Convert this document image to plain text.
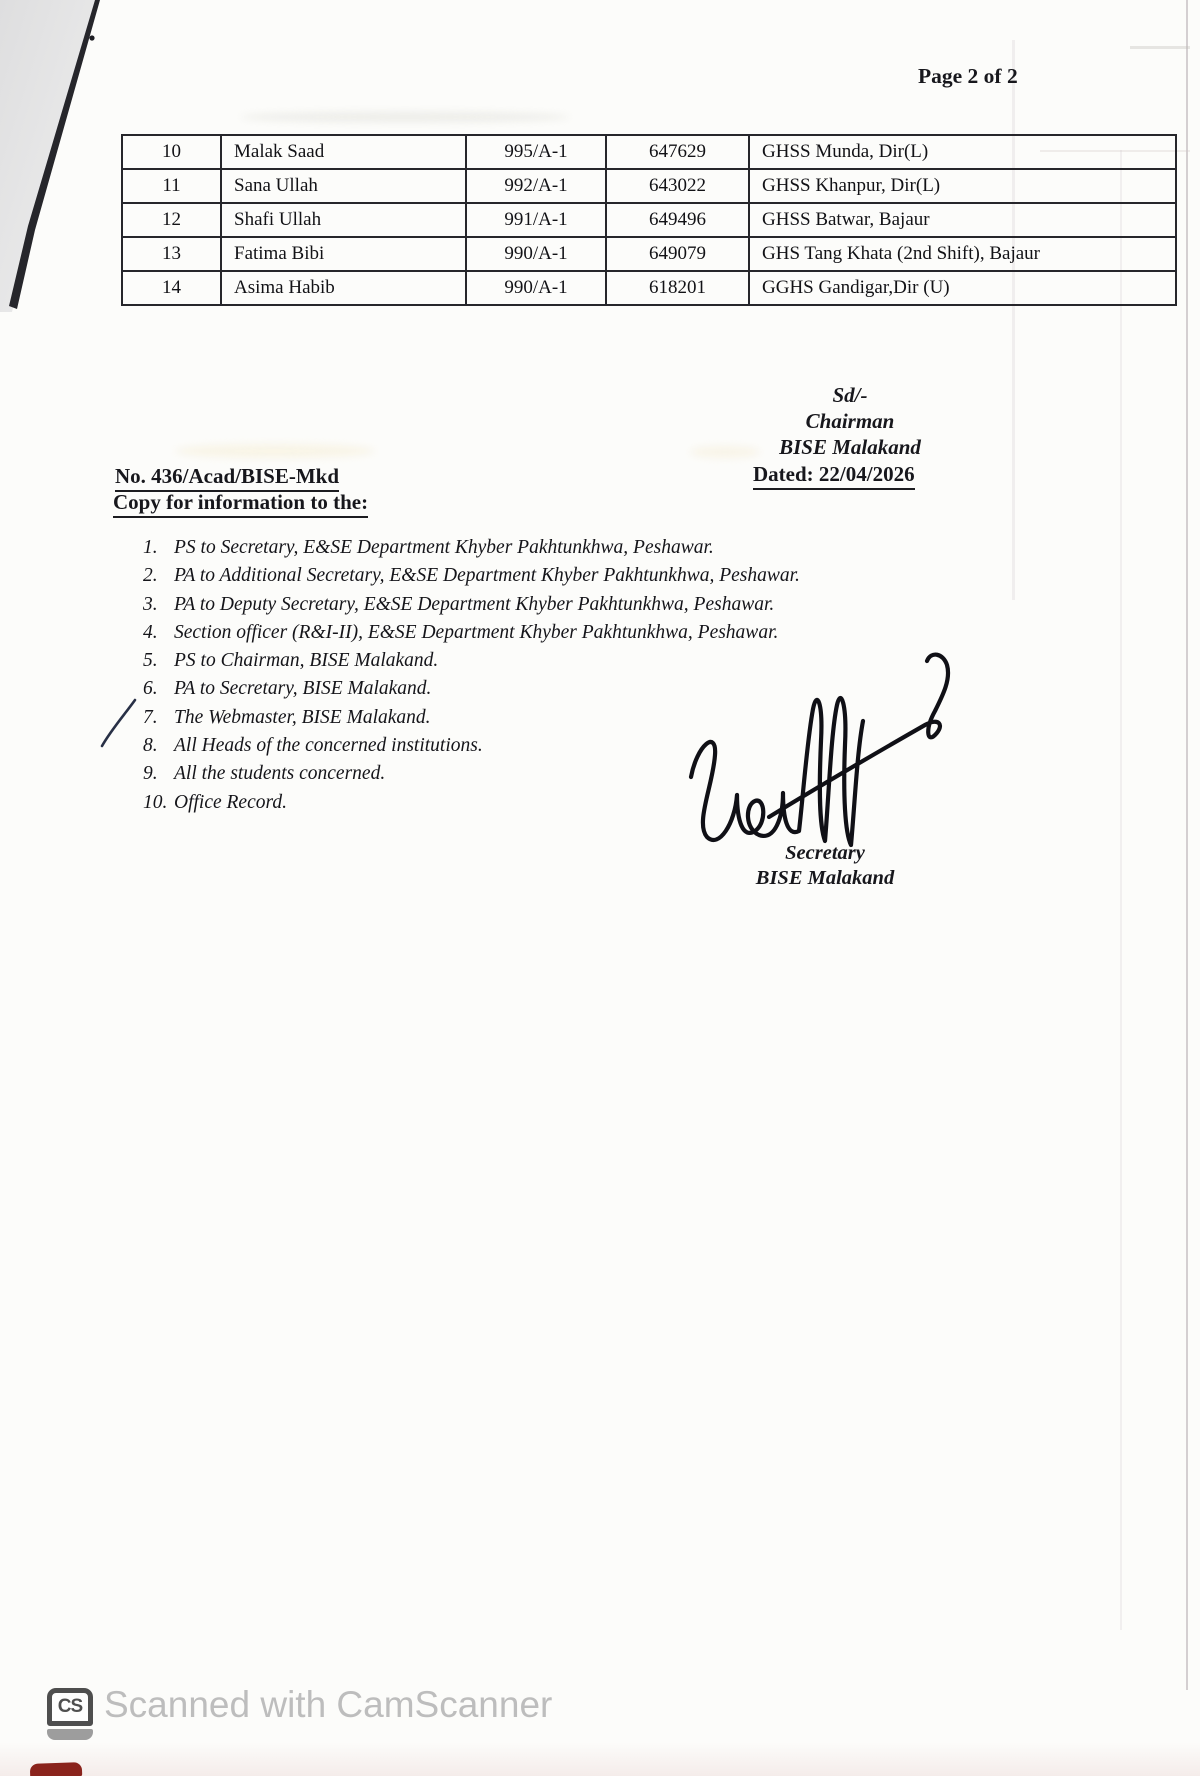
Page 2 of 2
10	Malak Saad	995/A-1	647629	GHSS Munda, Dir(L)
11	Sana Ullah	992/A-1	643022	GHSS Khanpur, Dir(L)
12	Shafi Ullah	991/A-1	649496	GHSS Batwar, Bajaur
13	Fatima Bibi	990/A-1	649079	GHS Tang Khata (2nd Shift), Bajaur
14	Asima Habib	990/A-1	618201	GGHS Gandigar,Dir (U)
Sd/-
Chairman
BISE Malakand
Dated: 22/04/2026
No. 436/Acad/BISE-Mkd
Copy for information to the:
1. PS to Secretary, E&SE Department Khyber Pakhtunkhwa, Peshawar.
2. PA to Additional Secretary, E&SE Department Khyber Pakhtunkhwa, Peshawar.
3. PA to Deputy Secretary, E&SE Department Khyber Pakhtunkhwa, Peshawar.
4. Section officer (R&I-II), E&SE Department Khyber Pakhtunkhwa, Peshawar.
5. PS to Chairman, BISE Malakand.
6. PA to Secretary, BISE Malakand.
7. The Webmaster, BISE Malakand.
8. All Heads of the concerned institutions.
9. All the students concerned.
10. Office Record.
Secretary
BISE Malakand
CS Scanned with CamScanner
